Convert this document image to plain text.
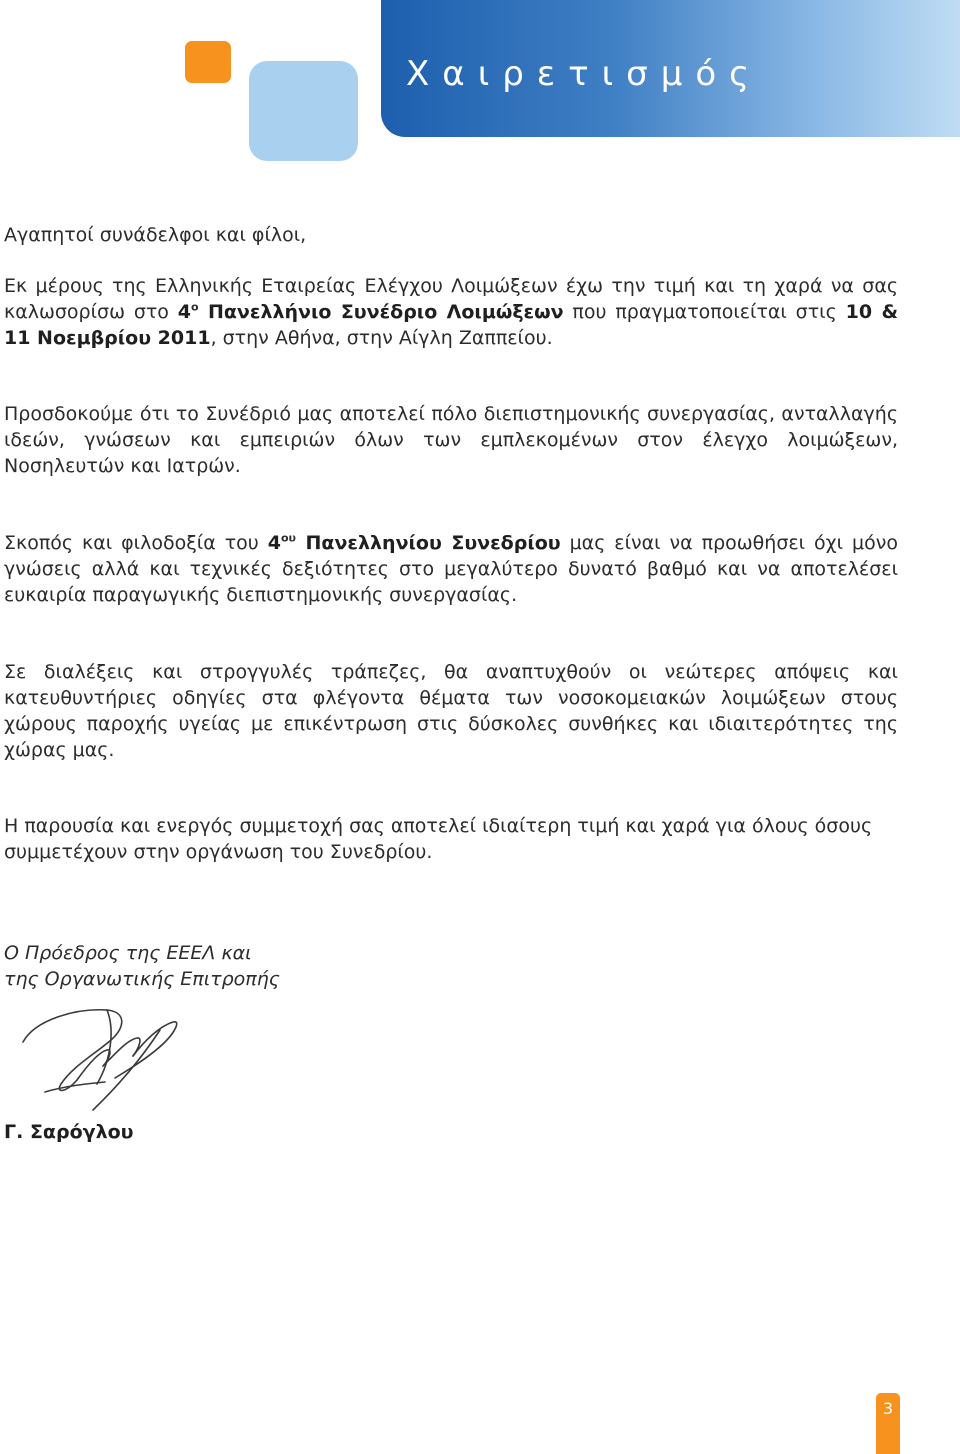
Χαιρετισμός

Αγαπητοί συνάδελφοι και φίλοι,

Εκ μέρους της Ελληνικής Εταιρείας Ελέγχου Λοιμώξεων έχω την τιμή και τη χαρά να σας καλωσορίσω στο $4^o$ Πανελλήνιο Συνέδριο Λοιμώξεων που πραγματοποιείται στις 10 & 11 Νοεμβρίου 2011, στην Αθήνα, στην Αίγλη Ζαππείου.

Προσδοκούμε ότι το Συνέδριό μας αποτελεί πόλο διεπιστημονικής συνεργασίας, ανταλλαγής ιδεών, γνώσεων και εμπειριών όλων των εμπλεκομένων στον έλεγχο λοιμώξεων, Νοσηλευτών και Ιατρών.

Σκοπός και φιλοδοξία του $4^{o\upsilon}$ Πανελληνίου Συνεδρίου μας είναι να προωθήσει όχι μόνο γνώσεις αλλά και τεχνικές δεξιότητες στο μεγαλύτερο δυνατό βαθμό και να αποτελέσει ευκαιρία παραγωγικής διεπιστημονικής συνεργασίας.

Σε διαλέξεις και στρογγυλές τράπεζες, θα αναπτυχθούν οι νεώτερες απόψεις και κατευθυντήριες οδηγίες στα φλέγοντα θέματα των νοσοκομειακών λοιμώξεων στους χώρους παροχής υγείας με επικέντρωση στις δύσκολες συνθήκες και ιδιαιτερότητες της χώρας μας.

Η παρουσία και ενεργός συμμετοχή σας αποτελεί ιδιαίτερη τιμή και χαρά για όλους όσους συμμετέχουν στην οργάνωση του Συνεδρίου.

Ο Πρόεδρος της ΕΕΕΛ και
της Οργανωτικής Επιτροπής
Γ. Σαρόγλου
3
